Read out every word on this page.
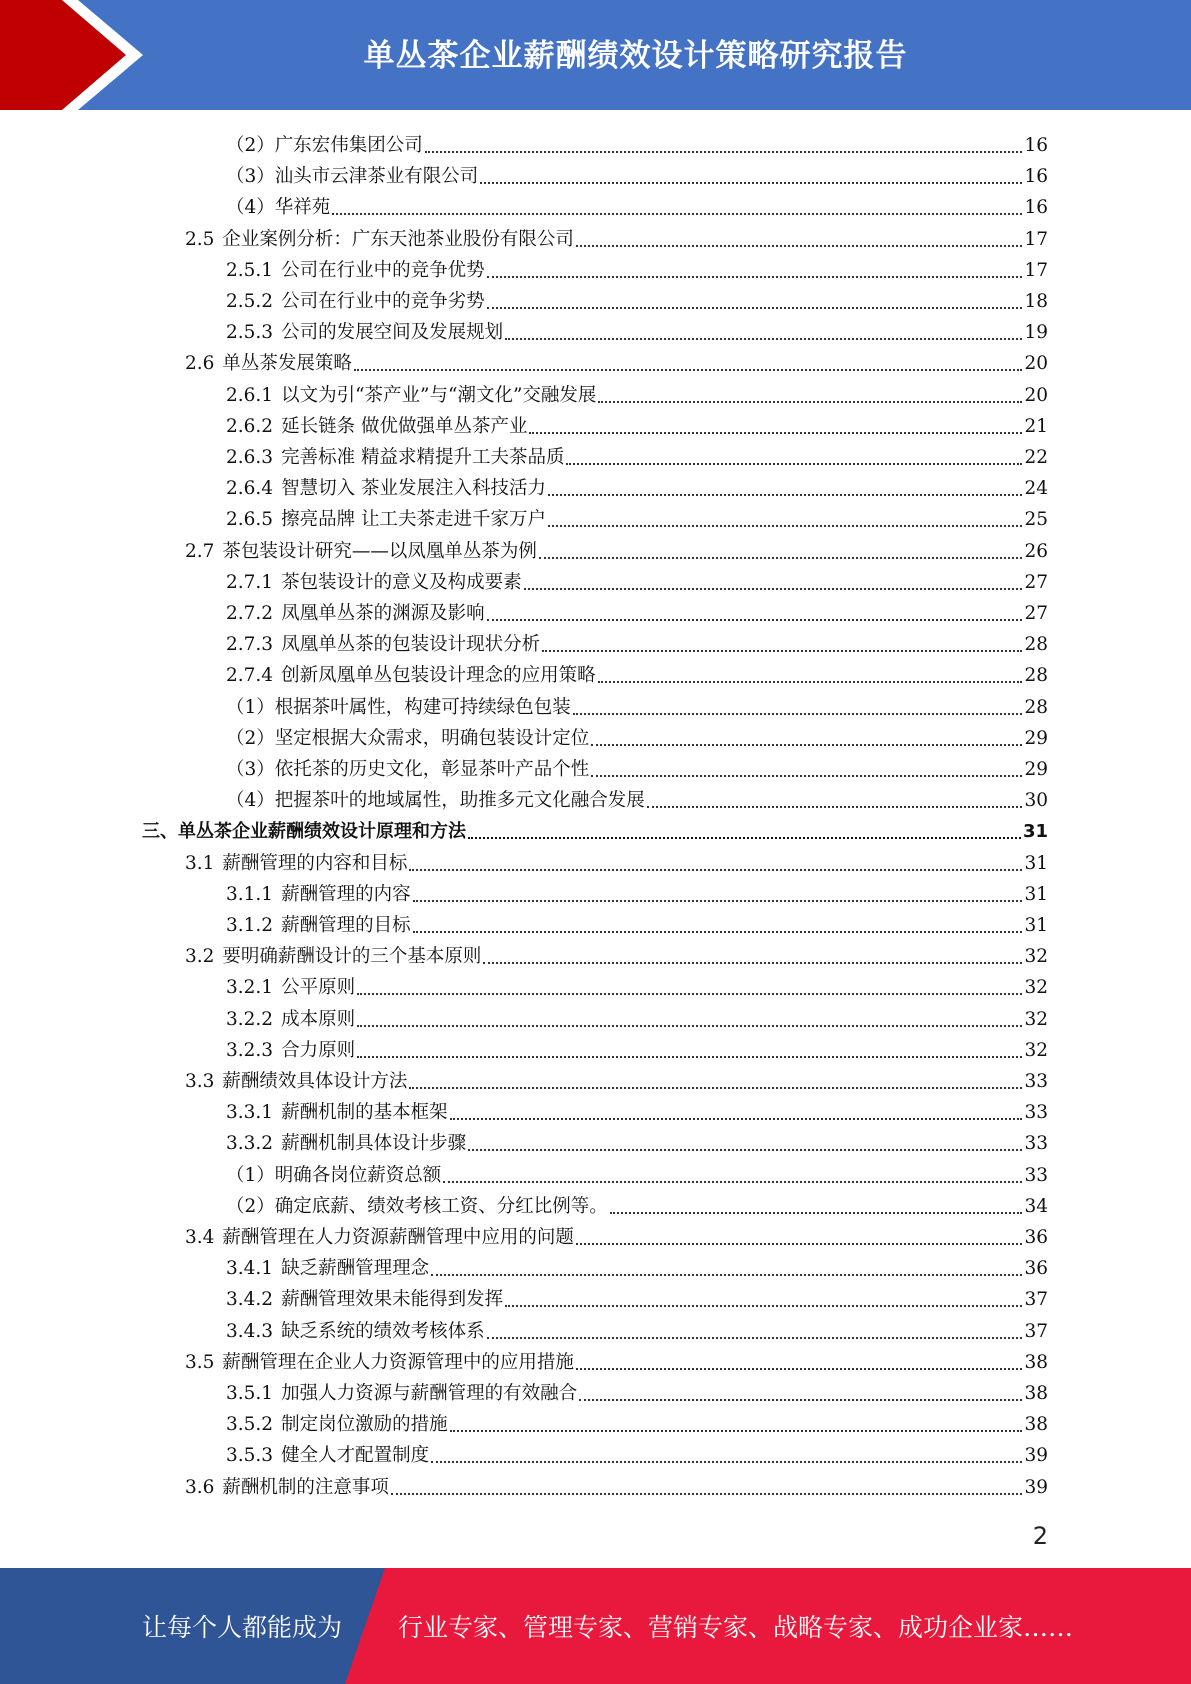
单丛茶企业薪酬绩效设计策略研究报告
（2） 广东宏伟集团公司	16
（3） 汕头市云津茶业有限公司	16
（4） 华祥苑	16
2.5 企业案例分析：广东天池茶业股份有限公司	17
2.5.1 公司在行业中的竞争优势	17
2.5.2 公司在行业中的竞争劣势	18
2.5.3 公司的发展空间及发展规划	19
2.6 单丛茶发展策略	20
2.6.1 以文为引“茶产业”与“潮文化”交融发展	20
2.6.2 延长链条 做优做强单丛茶产业	21
2.6.3 完善标准 精益求精提升工夫茶品质	22
2.6.4 智慧切入 茶业发展注入科技活力	24
2.6.5 擦亮品牌 让工夫茶走进千家万户	25
2.7 茶包装设计研究——以凤凰单丛茶为例	26
2.7.1 茶包装设计的意义及构成要素	27
2.7.2 凤凰单丛茶的渊源及影响	27
2.7.3 凤凰单丛茶的包装设计现状分析	28
2.7.4 创新凤凰单丛包装设计理念的应用策略	28
（1） 根据茶叶属性，构建可持续绿色包装	28
（2） 坚定根据大众需求，明确包装设计定位	29
（3） 依托茶的历史文化，彰显茶叶产品个性	29
（4） 把握茶叶的地域属性，助推多元文化融合发展	30
三、 单丛茶企业薪酬绩效设计原理和方法	31
3.1 薪酬管理的内容和目标	31
3.1.1 薪酬管理的内容	31
3.1.2 薪酬管理的目标	31
3.2 要明确薪酬设计的三个基本原则	32
3.2.1 公平原则	32
3.2.2 成本原则	32
3.2.3 合力原则	32
3.3 薪酬绩效具体设计方法	33
3.3.1 薪酬机制的基本框架	33
3.3.2 薪酬机制具体设计步骤	33
（1） 明确各岗位薪资总额	33
（2） 确定底薪、绩效考核工资、分红比例等。	34
3.4 薪酬管理在人力资源薪酬管理中应用的问题	36
3.4.1 缺乏薪酬管理理念	36
3.4.2 薪酬管理效果未能得到发挥	37
3.4.3 缺乏系统的绩效考核体系	37
3.5 薪酬管理在企业人力资源管理中的应用措施	38
3.5.1 加强人力资源与薪酬管理的有效融合	38
3.5.2 制定岗位激励的措施	38
3.5.3 健全人才配置制度	39
3.6 薪酬机制的注意事项	39
2
让每个人都能成为 行业专家、管理专家、营销专家、战略专家、成功企业家……
